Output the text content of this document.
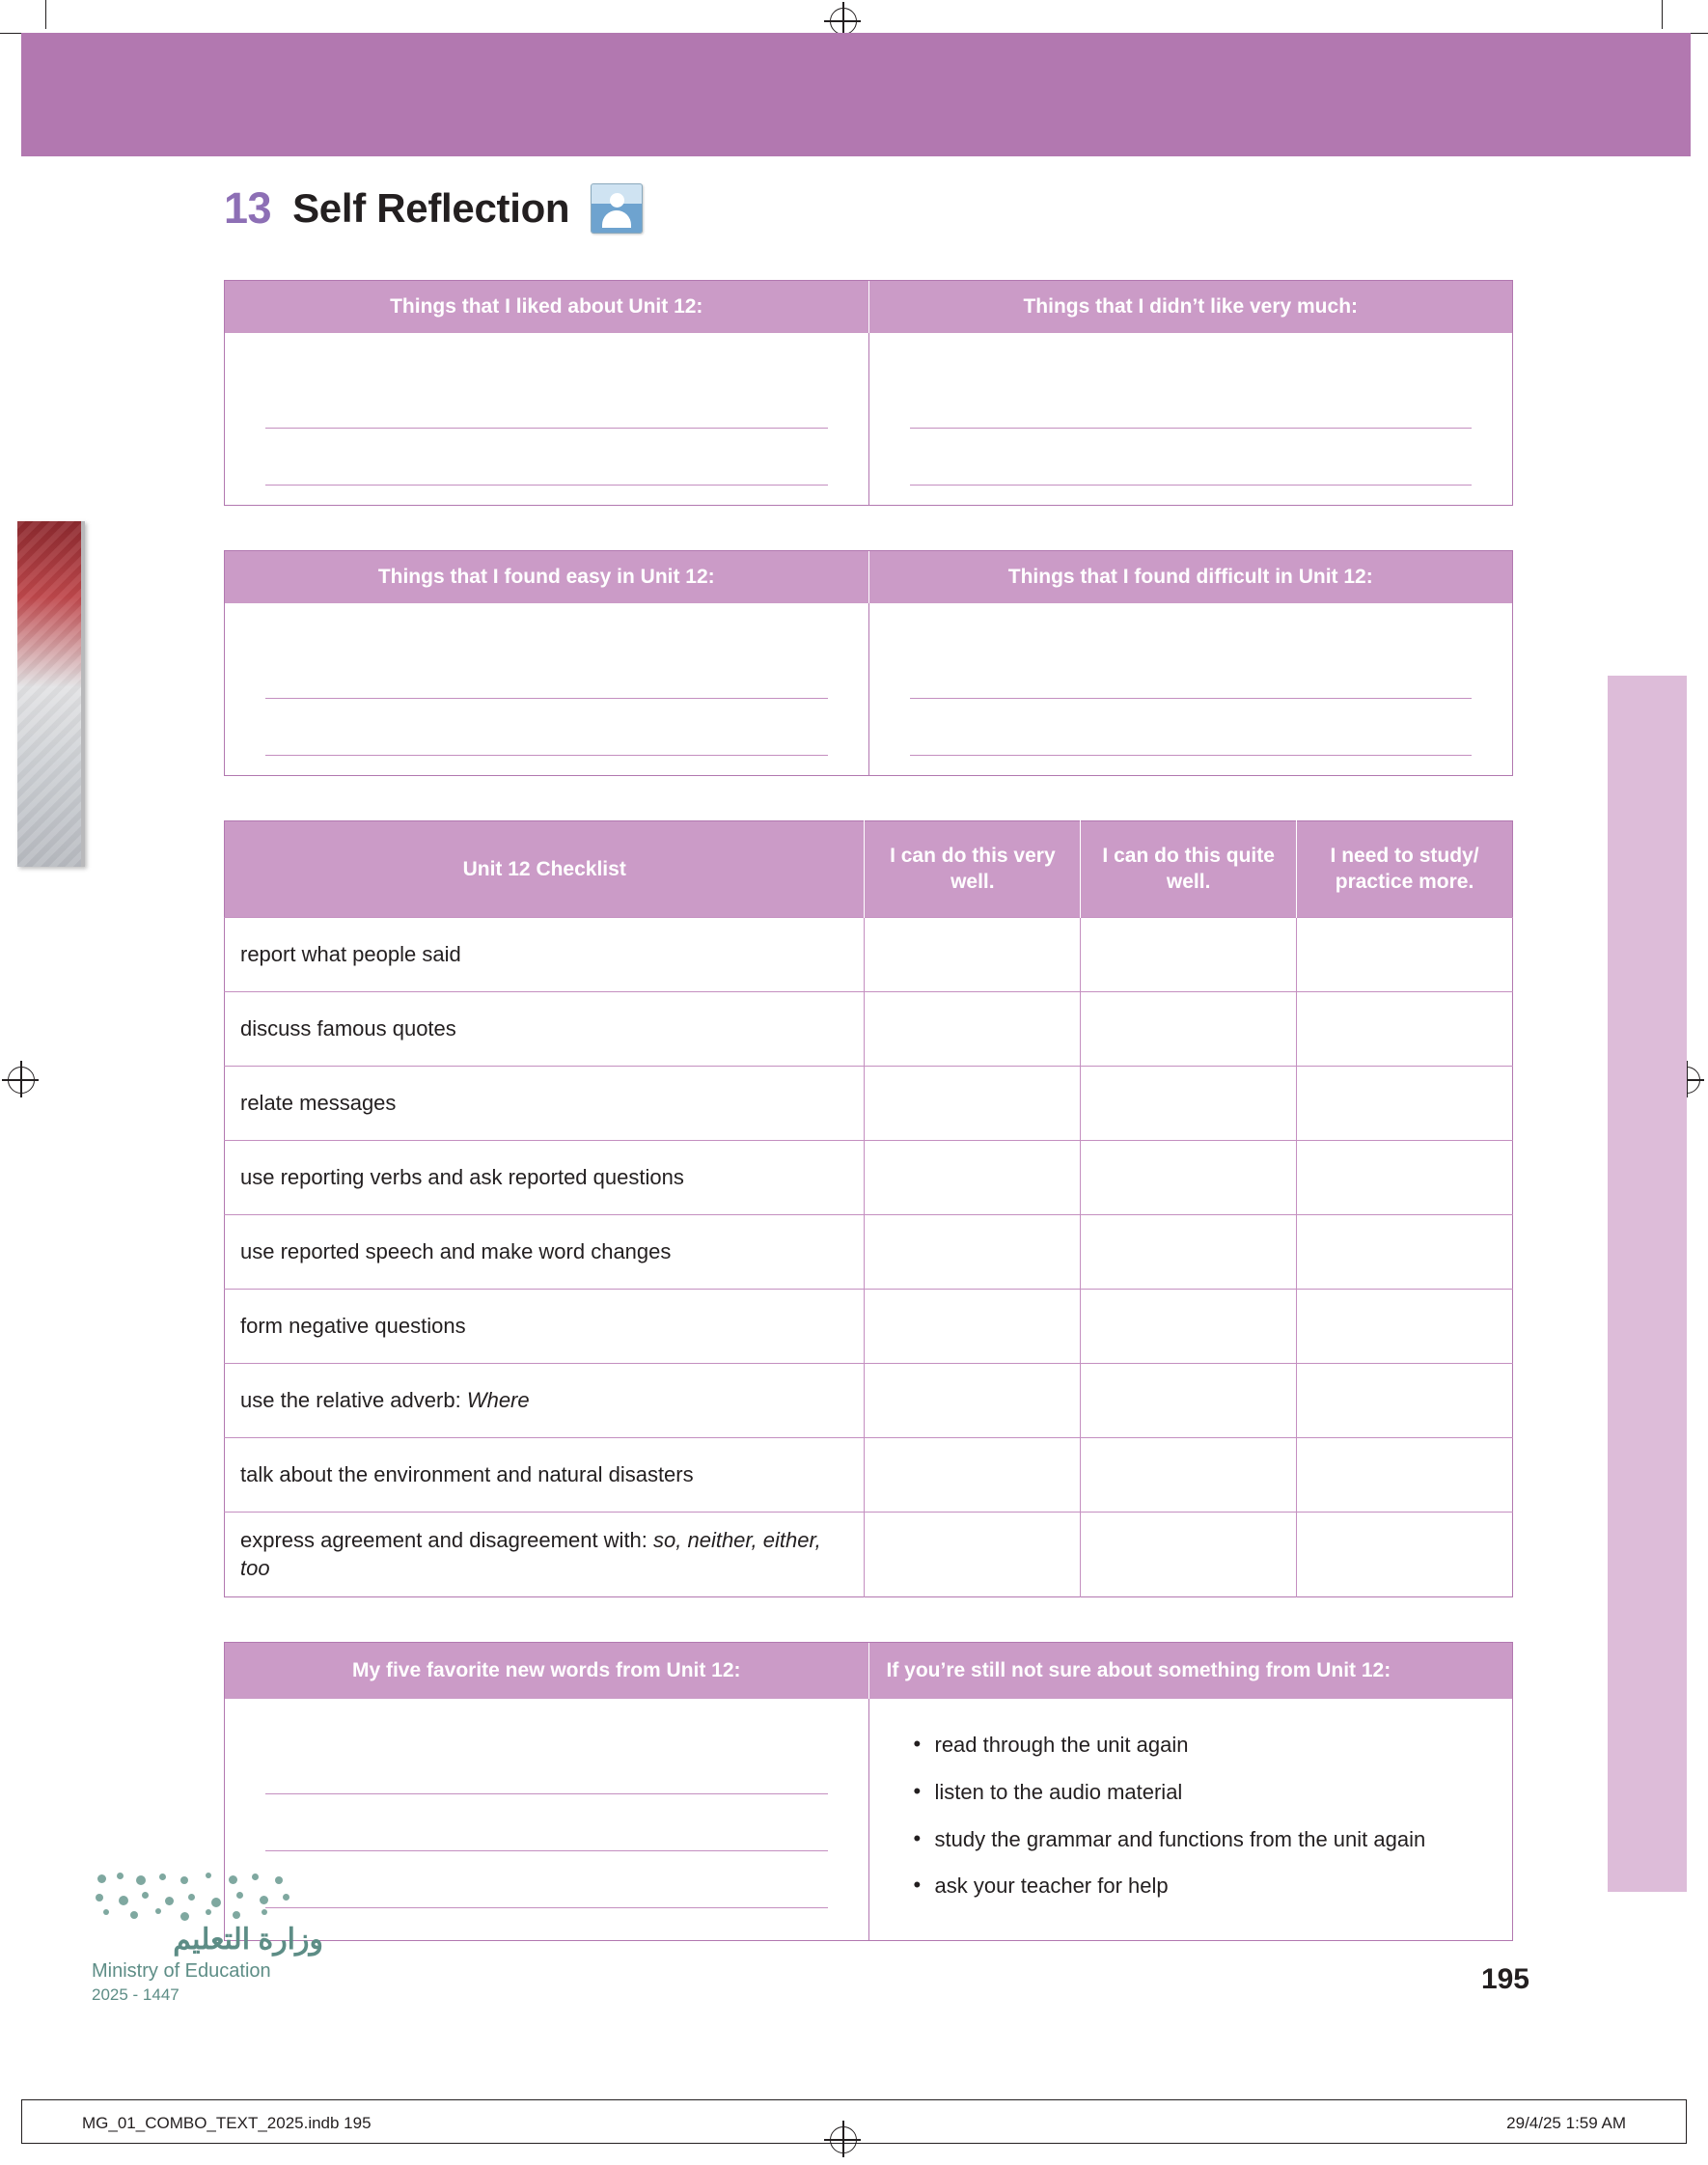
13 Self Reflection
Things that I liked about Unit 12:	Things that I didn’t like very much:
Things that I found easy in Unit 12:	Things that I found difficult in Unit 12:
Unit 12 Checklist	I can do this very well.	I can do this quite well.	I need to study/ practice more.
report what people said			
discuss famous quotes			
relate messages			
use reporting verbs and ask reported questions			
use reported speech and make word changes			
form negative questions			
use the relative adverb: Where			
talk about the environment and natural disasters			
express agreement and disagreement with: so, neither, either, too			
My five favorite new words from Unit 12:	If you’re still not sure about something from Unit 12:
• read through the unit again
• listen to the audio material
• study the grammar and functions from the unit again
• ask your teacher for help
وزارة التعليم
Ministry of Education
2025 - 1447	195
MG_01_COMBO_TEXT_2025.indb 195	29/4/25 1:59 AM
